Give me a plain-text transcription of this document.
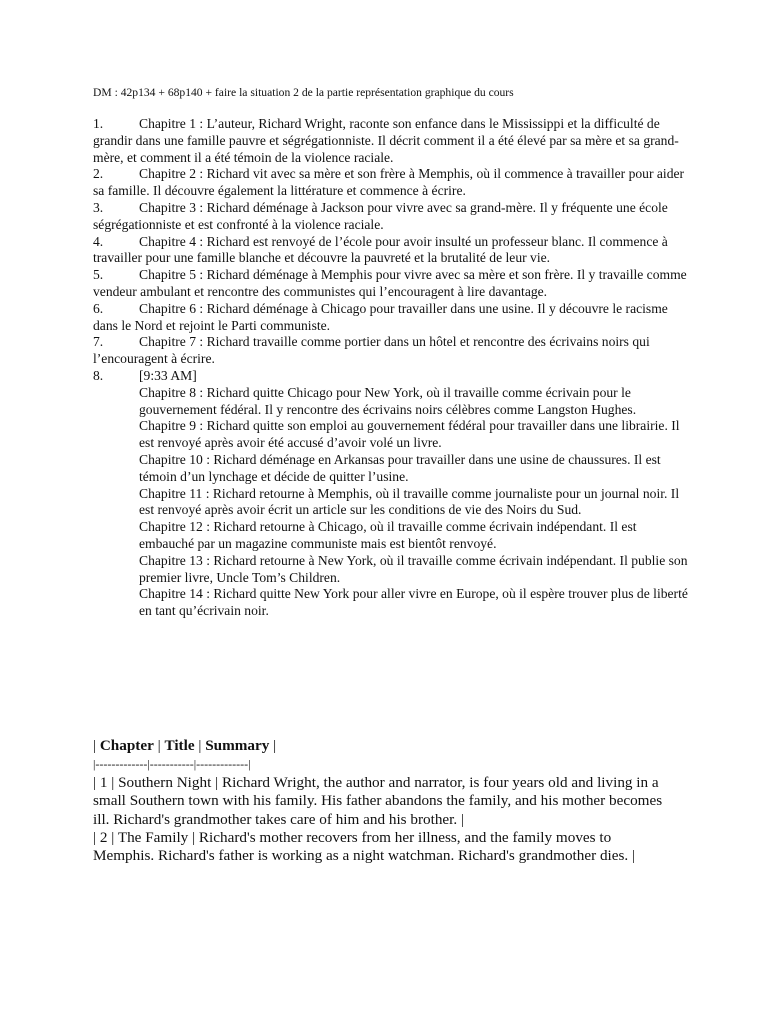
DM : 42p134 + 68p140 + faire la situation 2 de la partie représentation graphique du cours

1.	Chapitre 1 : L’auteur, Richard Wright, raconte son enfance dans le Mississippi et la difficulté de grandir dans une famille pauvre et ségrégationniste. Il décrit comment il a été élevé par sa mère et sa grand-mère, et comment il a été témoin de la violence raciale.

2.	Chapitre 2 : Richard vit avec sa mère et son frère à Memphis, où il commence à travailler pour aider sa famille. Il découvre également la littérature et commence à écrire.

3.	Chapitre 3 : Richard déménage à Jackson pour vivre avec sa grand-mère. Il y fréquente une école ségrégationniste et est confronté à la violence raciale.

4.	Chapitre 4 : Richard est renvoyé de l’école pour avoir insulté un professeur blanc. Il commence à travailler pour une famille blanche et découvre la pauvreté et la brutalité de leur vie.

5.	Chapitre 5 : Richard déménage à Memphis pour vivre avec sa mère et son frère. Il y travaille comme vendeur ambulant et rencontre des communistes qui l’encouragent à lire davantage.

6.	Chapitre 6 : Richard déménage à Chicago pour travailler dans une usine. Il y découvre le racisme dans le Nord et rejoint le Parti communiste.

7.	Chapitre 7 : Richard travaille comme portier dans un hôtel et rencontre des écrivains noirs qui l’encouragent à écrire.

8.	[9:33 AM]

Chapitre 8 : Richard quitte Chicago pour New York, où il travaille comme écrivain pour le gouvernement fédéral. Il y rencontre des écrivains noirs célèbres comme Langston Hughes.

Chapitre 9 : Richard quitte son emploi au gouvernement fédéral pour travailler dans une librairie. Il est renvoyé après avoir été accusé d’avoir volé un livre.

Chapitre 10 : Richard déménage en Arkansas pour travailler dans une usine de chaussures. Il est témoin d’un lynchage et décide de quitter l’usine.

Chapitre 11 : Richard retourne à Memphis, où il travaille comme journaliste pour un journal noir. Il est renvoyé après avoir écrit un article sur les conditions de vie des Noirs du Sud.

Chapitre 12 : Richard retourne à Chicago, où il travaille comme écrivain indépendant. Il est embauché par un magazine communiste mais est bientôt renvoyé.

Chapitre 13 : Richard retourne à New York, où il travaille comme écrivain indépendant. Il publie son premier livre, Uncle Tom’s Children.

Chapitre 14 : Richard quitte New York pour aller vivre en Europe, où il espère trouver plus de liberté en tant qu’écrivain noir.

| Chapter | Title | Summary |

|-------------|-----------|-------------|

| 1 | Southern Night | Richard Wright, the author and narrator, is four years old and living in a small Southern town with his family. His father abandons the family, and his mother becomes ill. Richard's grandmother takes care of him and his brother. |

| 2 | The Family | Richard's mother recovers from her illness, and the family moves to Memphis. Richard's father is working as a night watchman. Richard's grandmother dies. |
